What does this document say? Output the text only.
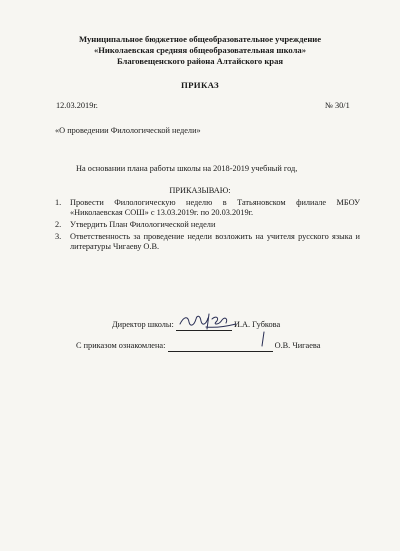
Муниципальное бюджетное общеобразовательное учреждение
«Николаевская средняя общеобразовательная школа»
Благовещенского района Алтайского края
ПРИКАЗ
12.03.2019г.	№ 30/1
«О проведении Филологической недели»
На основании плана работы школы на 2018-2019 учебный год,
ПРИКАЗЫВАЮ:
1.	Провести Филологическую неделю в Татьяновском филиале МБОУ «Николаевская СОШ» с 13.03.2019г. по 20.03.2019г.
2.	Утвердить План Филологической недели
3.	Ответственность за проведение недели возложить на учителя русского языка и литературы Чигаеву О.В.
Директор школы:	И.А. Губкова
С приказом ознакомлена:	О.В. Чигаева
